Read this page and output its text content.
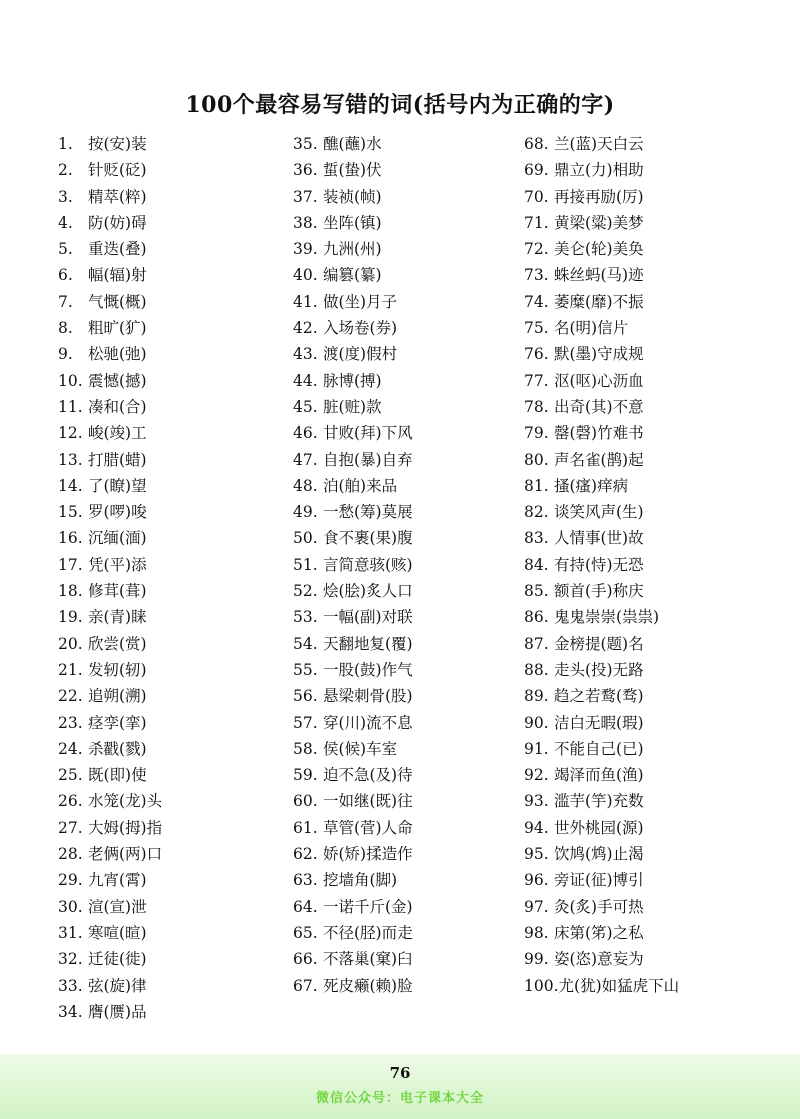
100个最容易写错的词(括号内为正确的字)
1. 按(安)装
2. 针贬(砭)
3. 精萃(粹)
4. 防(妨)碍
5. 重迭(叠)
6. 幅(辐)射
7. 气慨(概)
8. 粗旷(犷)
9. 松驰(弛)
10. 震憾(撼)
11. 凑和(合)
12. 峻(竣)工
13. 打腊(蜡)
14. 了(瞭)望
15. 罗(啰)唆
16. 沉缅(湎)
17. 凭(平)添
18. 修茸(葺)
19. 亲(青)睐
20. 欣尝(赏)
21. 发轫(轫)
22. 追朔(溯)
23. 痉孪(挛)
24. 杀戳(戮)
25. 既(即)使
26. 水笼(龙)头
27. 大姆(拇)指
28. 老俩(两)口
29. 九宵(霄)
30. 渲(宣)泄
31. 寒喧(暄)
32. 迁徒(徙)
33. 弦(旋)律
34. 膺(赝)品
35. 醮(蘸)水
36. 蜇(蛰)伏
37. 装祯(帧)
38. 坐阵(镇)
39. 九洲(州)
40. 编篡(纂)
41. 做(坐)月子
42. 入场卷(券)
43. 渡(度)假村
44. 脉博(搏)
45. 脏(赃)款
46. 甘败(拜)下风
47. 自抱(暴)自弃
48. 泊(舶)来品
49. 一愁(筹)莫展
50. 食不裹(果)腹
51. 言简意骇(赅)
52. 烩(脍)炙人口
53. 一幅(副)对联
54. 天翻地复(覆)
55. 一股(鼓)作气
56. 悬梁刺骨(股)
57. 穿(川)流不息
58. 侯(候)车室
59. 迫不急(及)待
60. 一如继(既)往
61. 草管(菅)人命
62. 娇(矫)揉造作
63. 挖墙角(脚)
64. 一诺千斤(金)
65. 不径(胫)而走
66. 不落巢(窠)臼
67. 死皮癞(赖)脸
68. 兰(蓝)天白云
69. 鼎立(力)相助
70. 再接再励(厉)
71. 黄梁(粱)美梦
72. 美仑(轮)美奂
73. 蛛丝蚂(马)迹
74. 萎糜(靡)不振
75. 名(明)信片
76. 默(墨)守成规
77. 沤(呕)心沥血
78. 出奇(其)不意
79. 罄(磬)竹难书
80. 声名雀(鹊)起
81. 搔(瘙)痒病
82. 谈笑风声(生)
83. 人情事(世)故
84. 有持(恃)无恐
85. 额首(手)称庆
86. 鬼鬼崇崇(祟祟)
87. 金榜提(题)名
88. 走头(投)无路
89. 趋之若鹜(骛)
90. 洁白无暇(瑕)
91. 不能自己(已)
92. 竭泽而鱼(渔)
93. 滥芋(竽)充数
94. 世外桃园(源)
95. 饮鸠(鸩)止渴
96. 旁证(征)博引
97. 灸(炙)手可热
98. 床第(笫)之私
99. 姿(恣)意妄为
100.尤(犹)如猛虎下山
76
微信公众号：电子课本大全
